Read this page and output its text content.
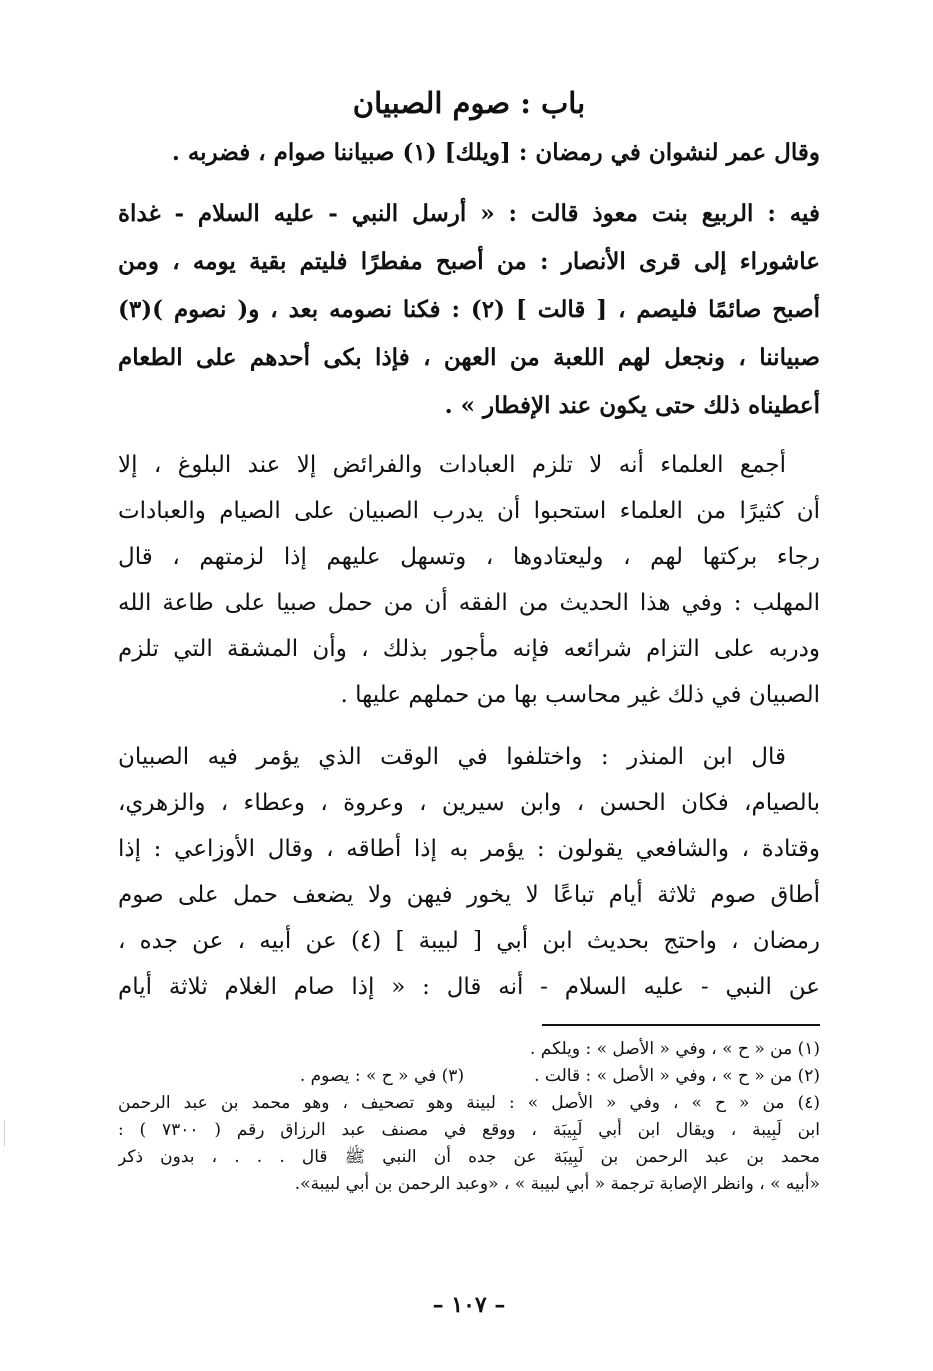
باب : صوم الصبيان
وقال عمر لنشوان في رمضان : [ويلك] (١) صبياننا صوام ، فضربه .
فيه : الربيع بنت معوذ قالت : « أرسل النبي - عليه السلام - غداة
عاشوراء إلى قرى الأنصار : من أصبح مفطرًا فليتم بقية يومه ، ومن
أصبح صائمًا فليصم ، [ قالت ] (٢) : فكنا نصومه بعد ، و( نصوم )(٣)
صبياننا ، ونجعل لهم اللعبة من العهن ، فإذا بكى أحدهم على الطعام
أعطيناه ذلك حتى يكون عند الإفطار » .
أجمع العلماء أنه لا تلزم العبادات والفرائض إلا عند البلوغ ، إلا
أن كثيرًا من العلماء استحبوا أن يدرب الصبيان على الصيام والعبادات
رجاء بركتها لهم ، وليعتادوها ، وتسهل عليهم إذا لزمتهم ، قال
المهلب : وفي هذا الحديث من الفقه أن من حمل صبيا على طاعة الله
ودربه على التزام شرائعه فإنه مأجور بذلك ، وأن المشقة التي تلزم
الصبيان في ذلك غير محاسب بها من حملهم عليها .
قال ابن المنذر : واختلفوا في الوقت الذي يؤمر فيه الصبيان
بالصيام، فكان الحسن ، وابن سيرين ، وعروة ، وعطاء ، والزهري،
وقتادة ، والشافعي يقولون : يؤمر به إذا أطاقه ، وقال الأوزاعي : إذا
أطاق صوم ثلاثة أيام تباعًا لا يخور فيهن ولا يضعف حمل على صوم
رمضان ، واحتج بحديث ابن أبي [ لبيبة ] (٤) عن أبيه ، عن جده ،
عن النبي - عليه السلام - أنه قال : « إذا صام الغلام ثلاثة أيام
(١) من « ح » ، وفي « الأصل » : ويلكم .
(٢) من « ح » ، وفي « الأصل » : قالت .
(٣) في « ح » : يصوم .
(٤) من « ح » ، وفي « الأصل » : لبينة وهو تصحيف ، وهو محمد بن عبد الرحمن
ابن لَبِيبة ، ويقال ابن أبي لَبِيبَة ، ووقع في مصنف عبد الرزاق رقم ( ٧٣٠٠ ) :
محمد بن عبد الرحمن بن لَبِيبَة عن جده أن النبي ﷺ قال . . . ، بدون ذكر
«أبيه » ، وانظر الإصابة ترجمة « أبي لبيبة » ، «وعبد الرحمن بن أبي لبيبة».
– ١٠٧ –
